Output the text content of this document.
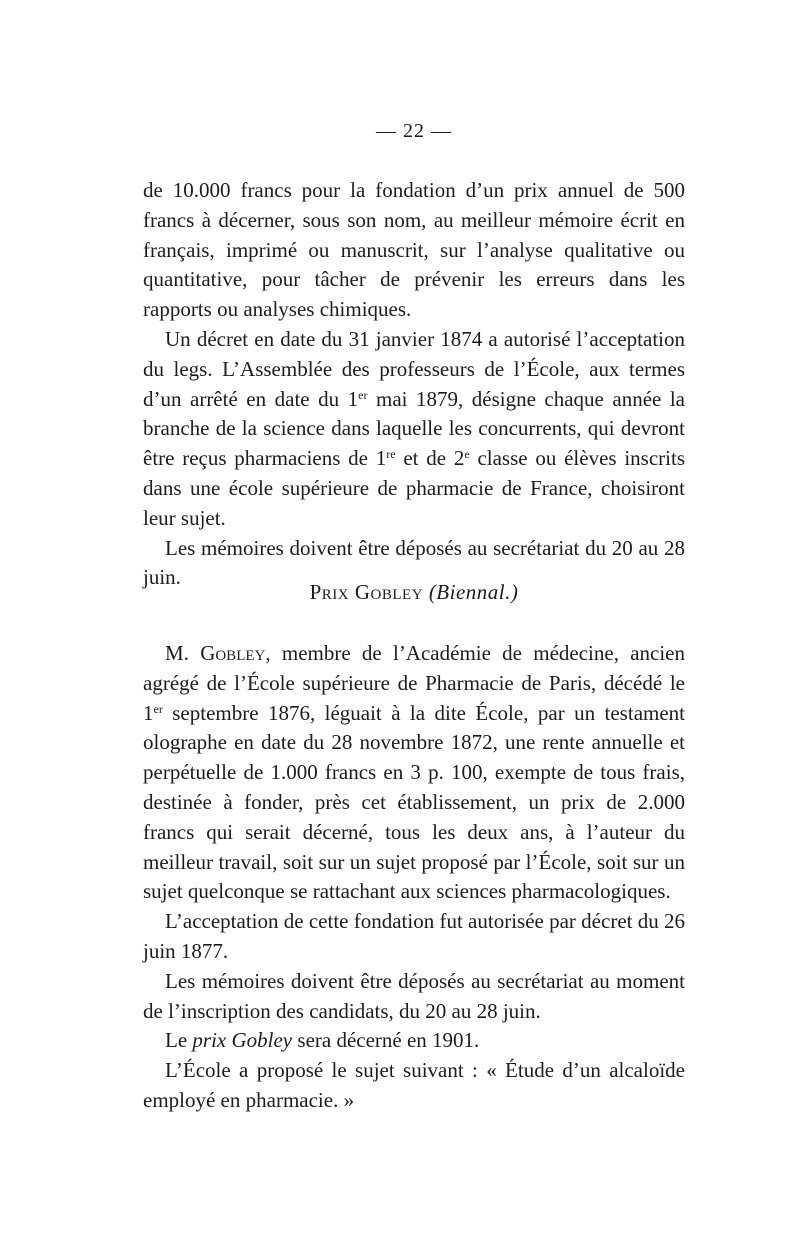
— 22 —

de 10.000 francs pour la fondation d’un prix annuel de 500 francs à décerner, sous son nom, au meilleur mémoire écrit en français, imprimé ou manuscrit, sur l’analyse qualitative ou quantitative, pour tâcher de prévenir les erreurs dans les rapports ou analyses chimiques.

Un décret en date du 31 janvier 1874 a autorisé l’acceptation du legs. L’Assemblée des professeurs de l’École, aux termes d’un arrêté en date du 1er mai 1879, désigne chaque année la branche de la science dans laquelle les concurrents, qui devront être reçus pharmaciens de 1re et de 2e classe ou élèves inscrits dans une école supérieure de pharmacie de France, choisiront leur sujet.

Les mémoires doivent être déposés au secrétariat du 20 au 28 juin.

Prix Gobley (Biennal.)

M. Gobley, membre de l’Académie de médecine, ancien agrégé de l’École supérieure de Pharmacie de Paris, décédé le 1er septembre 1876, léguait à la dite École, par un testament olographe en date du 28 novembre 1872, une rente annuelle et perpétuelle de 1.000 francs en 3 p. 100, exempte de tous frais, destinée à fonder, près cet établissement, un prix de 2.000 francs qui serait décerné, tous les deux ans, à l’auteur du meilleur travail, soit sur un sujet proposé par l’École, soit sur un sujet quelconque se rattachant aux sciences pharmacologiques.

L’acceptation de cette fondation fut autorisée par décret du 26 juin 1877.

Les mémoires doivent être déposés au secrétariat au moment de l’inscription des candidats, du 20 au 28 juin.

Le prix Gobley sera décerné en 1901.

L’École a proposé le sujet suivant : « Étude d’un alcaloïde employé en pharmacie. »
